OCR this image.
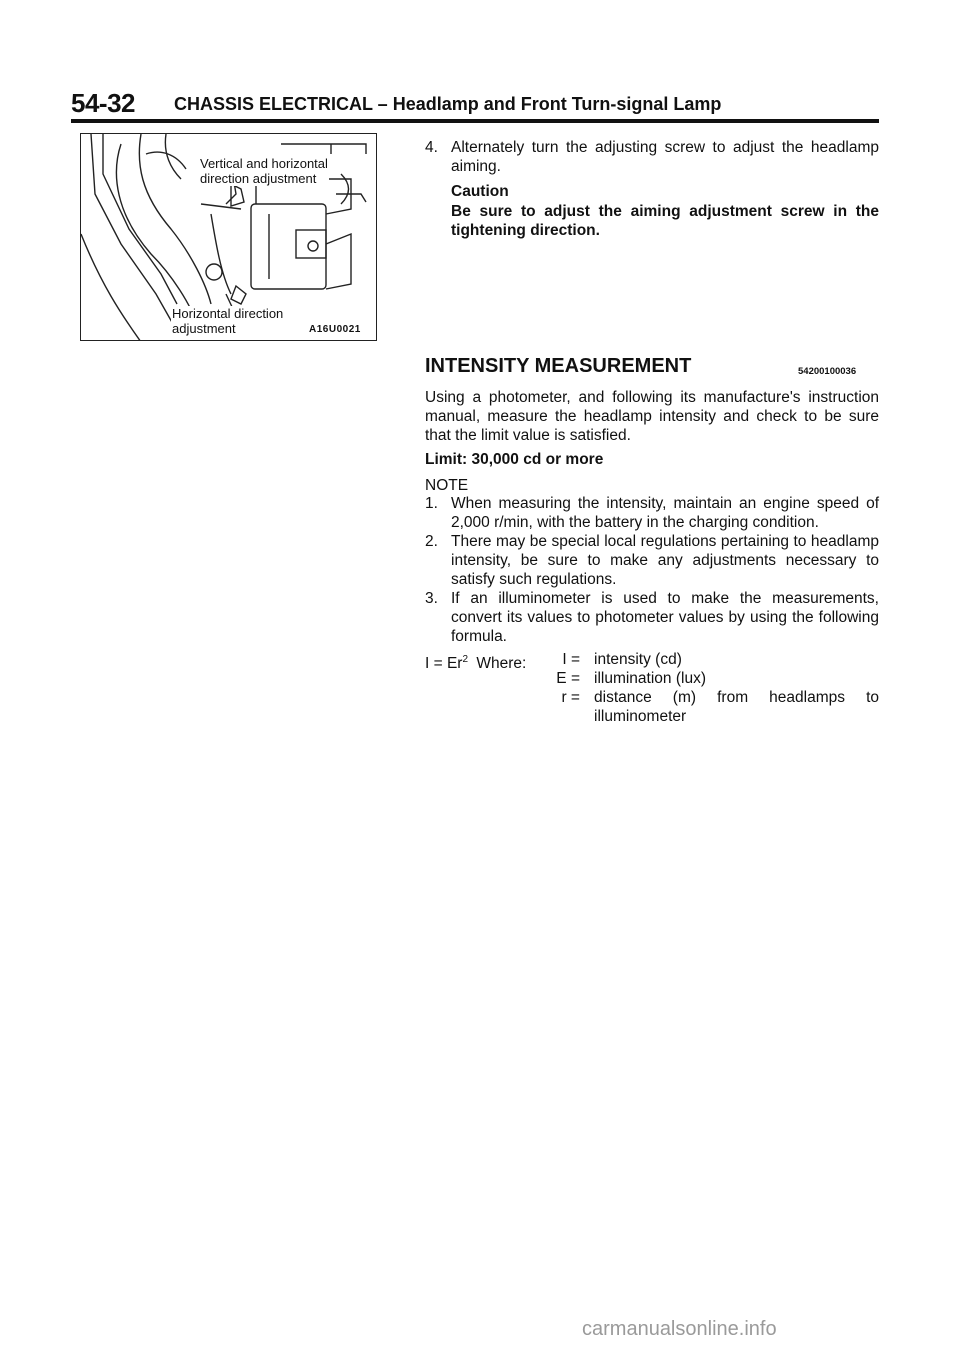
54-32 CHASSIS ELECTRICAL – Headlamp and Front Turn-signal Lamp
Vertical and horizontal
direction adjustment
Horizontal direction
adjustment	A16U0021
4. Alternately turn the adjusting screw to adjust the headlamp aiming.
Caution
Be sure to adjust the aiming adjustment screw in the tightening direction.
INTENSITY MEASUREMENT	54200100036
Using a photometer, and following its manufacture's instruction manual, measure the headlamp intensity and check to be sure that the limit value is satisfied.
Limit: 30,000 cd or more
NOTE
1. When measuring the intensity, maintain an engine speed of 2,000 r/min, with the battery in the charging condition.
2. There may be special local regulations pertaining to headlamp intensity, be sure to make any adjustments necessary to satisfy such regulations.
3. If an illuminometer is used to make the measurements, convert its values to photometer values by using the following formula.
$I = Er^2$ Where:	I = intensity (cd)
E = illumination (lux)
r = distance (m) from headlamps to illuminometer
carmanualsonline.info
